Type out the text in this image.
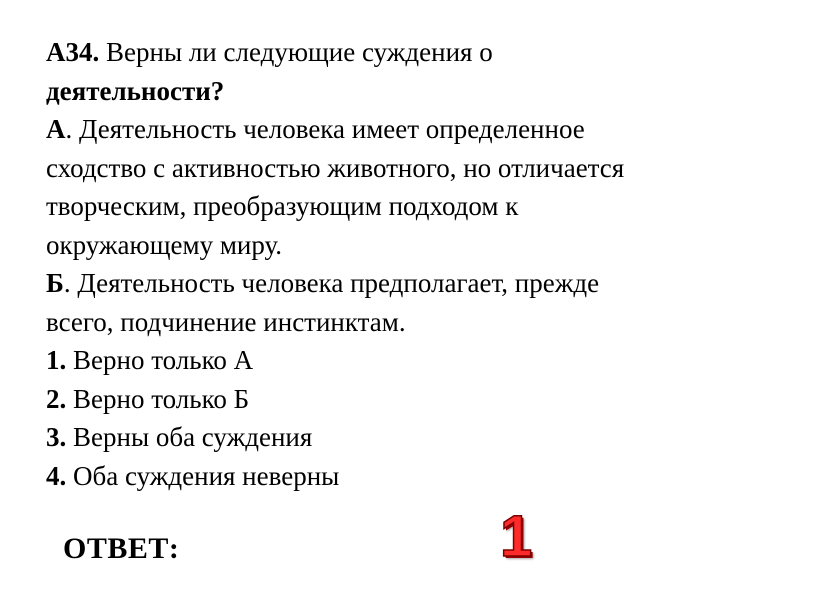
А34. Верны ли следующие суждения о
деятельности?
А. Деятельность человека имеет определенное
сходство с активностью животного, но отличается
творческим, преобразующим подходом к
окружающему миру.
Б. Деятельность человека предполагает, прежде
всего, подчинение инстинктам.
1. Верно только А
2. Верно только Б
3. Верны оба суждения
4. Оба суждения неверны
ОТВЕТ:	1
